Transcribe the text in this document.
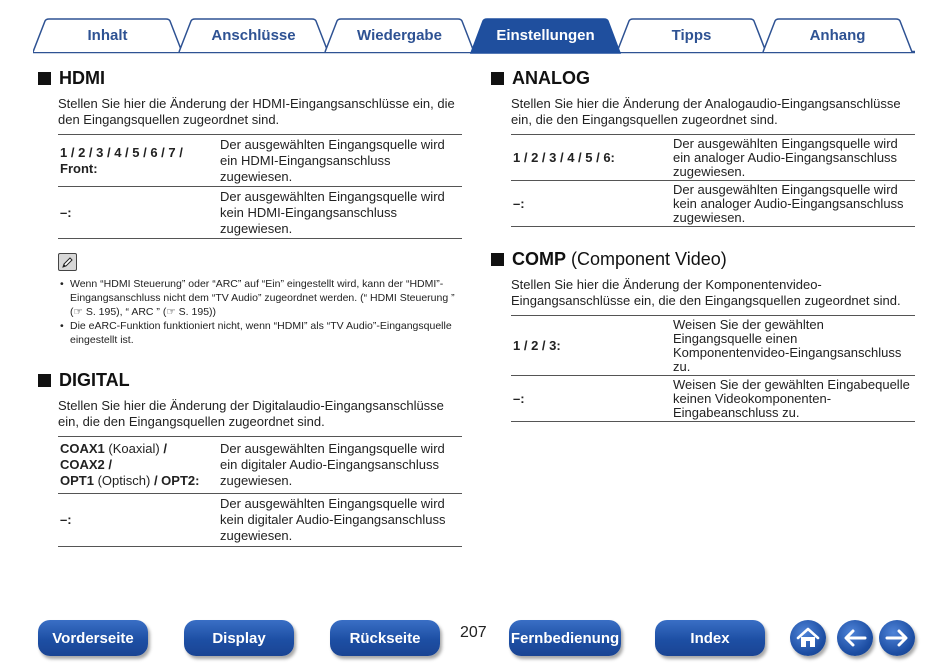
Inhalt	Anschlüsse	Wiedergabe	Einstellungen	Tipps	Anhang
HDMI

Stellen Sie hier die Änderung der HDMI-Eingangsanschlüsse ein, die den Eingangsquellen zugeordnet sind.

1 / 2 / 3 / 4 / 5 / 6 / 7 / Front:	Der ausgewählten Eingangsquelle wird ein HDMI-Eingangsanschluss zugewiesen.
–:	Der ausgewählten Eingangsquelle wird kein HDMI-Eingangsanschluss zugewiesen.
• Wenn “HDMI Steuerung” oder “ARC” auf “Ein” eingestellt wird, kann der “HDMI”-Eingangsanschluss nicht dem “TV Audio” zugeordnet werden. (“ HDMI Steuerung ” (☞ S. 195), “ ARC ” (☞ S. 195))
• Die eARC-Funktion funktioniert nicht, wenn “HDMI” als “TV Audio”-Eingangsquelle eingestellt ist.
DIGITAL

Stellen Sie hier die Änderung der Digitalaudio-Eingangsanschlüsse ein, die den Eingangsquellen zugeordnet sind.

COAX1 (Koaxial) /
COAX2 /
OPT1 (Optisch) / OPT2:	Der ausgewählten Eingangsquelle wird ein digitaler Audio-Eingangsanschluss zugewiesen.
–:	Der ausgewählten Eingangsquelle wird kein digitaler Audio-Eingangsanschluss zugewiesen.
ANALOG

Stellen Sie hier die Änderung der Analogaudio-Eingangsanschlüsse ein, die den Eingangsquellen zugeordnet sind.

1 / 2 / 3 / 4 / 5 / 6:	Der ausgewählten Eingangsquelle wird ein analoger Audio-Eingangsanschluss zugewiesen.
–:	Der ausgewählten Eingangsquelle wird kein analoger Audio-Eingangsanschluss zugewiesen.
COMP (Component Video)

Stellen Sie hier die Änderung der Komponentenvideo-Eingangsanschlüsse ein, die den Eingangsquellen zugeordnet sind.

1 / 2 / 3:	Weisen Sie der gewählten Eingangsquelle einen Komponentenvideo-Eingangsanschluss zu.
–:	Weisen Sie der gewählten Eingabequelle keinen Videokomponenten-Eingabeanschluss zu.
Vorderseite	Display	Rückseite	207 Fernbedienung	Index
